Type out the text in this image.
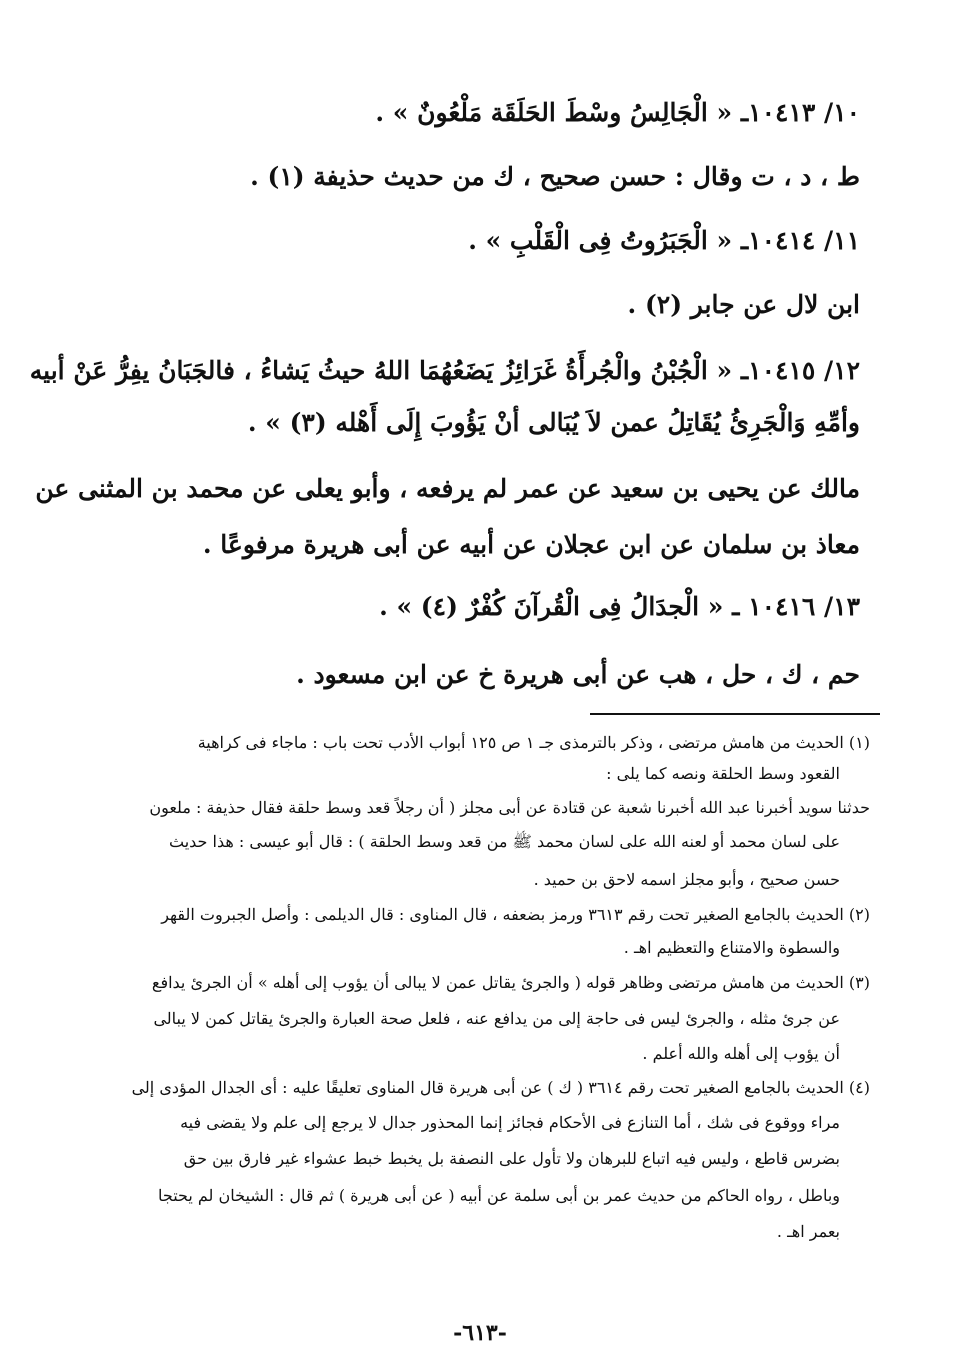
١٠/ ١٠٤١٣ـ « الْجَالِسُ وسْطَ الحَلَقَة مَلْعُونٌ » .
ط ، د ، ت وقال : حسن صحيح ، ك من حديث حذيفة (١) .
١١/ ١٠٤١٤ـ « الْجَبَرُوتُ فِى الْقَلْبِ » .
ابن لال عن جابر (٢) .
١٢/ ١٠٤١٥ـ « الْجُبْنُ والْجُرأَةُ غَرَائِزُ يَضَعُهُمَا اللهُ حيثُ يَشاءُ ، فالجَبَانُ يفِرُّ عَنْ أبيه
وأمِّهِ وَالْجَرِئُ يُقَاتِلُ عمن لاَ يُبَالى أنْ يَؤُوبَ إِلَى أَهْله (٣) » .
مالك عن يحيى بن سعيد عن عمر لم يرفعه ، وأبو يعلى عن محمد بن المثنى عن
معاذ بن سلمان عن ابن عجلان عن أبيه عن أبى هريرة مرفوعًا .
١٣/ ١٠٤١٦ ـ « الْجدَالُ فِى الْقُرآنَ كُفْرٌ (٤) » .
حم ، ك ، حل ، هب عن أبى هريرة خ عن ابن مسعود .
(١) الحديث من هامش مرتضى ، وذكر بالترمذى جـ ١ ص ١٢٥ أبواب الأدب تحت باب : ماجاء فى كراهية
القعود وسط الحلقة ونصه كما يلى :
حدثنا سويد أخبرنا عبد الله أخبرنا شعبة عن قتادة عن أبى مجلز ( أن رجلاً قعد وسط حلقة فقال حذيفة : ملعون
على لسان محمد أو لعنه الله على لسان محمد ﷺ من قعد وسط الحلقة ) : قال أبو عيسى : هذا حديث
حسن صحيح ، وأبو مجلز اسمه لاحق بن حميد .
(٢) الحديث بالجامع الصغير تحت رقم ٣٦١٣ ورمز بضعفه ، قال المناوى : قال الديلمى : وأصل الجبروت القهر
والسطوة والامتناع والتعظيم اهـ .
(٣) الحديث من هامش مرتضى وظاهر قوله ( والجرئ يقاتل عمن لا يبالى أن يؤوب إلى أهله » أن الجرئ يدافع
عن جرئ مثله ، والجرئ ليس فى حاجة إلى من يدافع عنه ، فلعل صحة العبارة والجرئ يقاتل كمن لا يبالى
أن يؤوب إلى أهله والله أعلم .
(٤) الحديث بالجامع الصغير تحت رقم ٣٦١٤ ( ك ) عن أبى هريرة قال المناوى تعليقًا عليه : أى الجدال المؤدى إلى
مراء ووقوع فى شك ، أما التنازع فى الأحكام فجائز إنما المحذور جدال لا يرجع إلى علم ولا يقضى فيه
بضرس قاطع ، وليس فيه اتباع للبرهان ولا تأول على النصفة بل يخبط خبط عشواء غير فارق بين حق
وباطل ، رواه الحاكم من حديث عمر بن أبى سلمة عن أبيه ( عن أبى هريرة ) ثم قال : الشيخان لم يحتجا
بعمر اهـ .
-٦١٣-
